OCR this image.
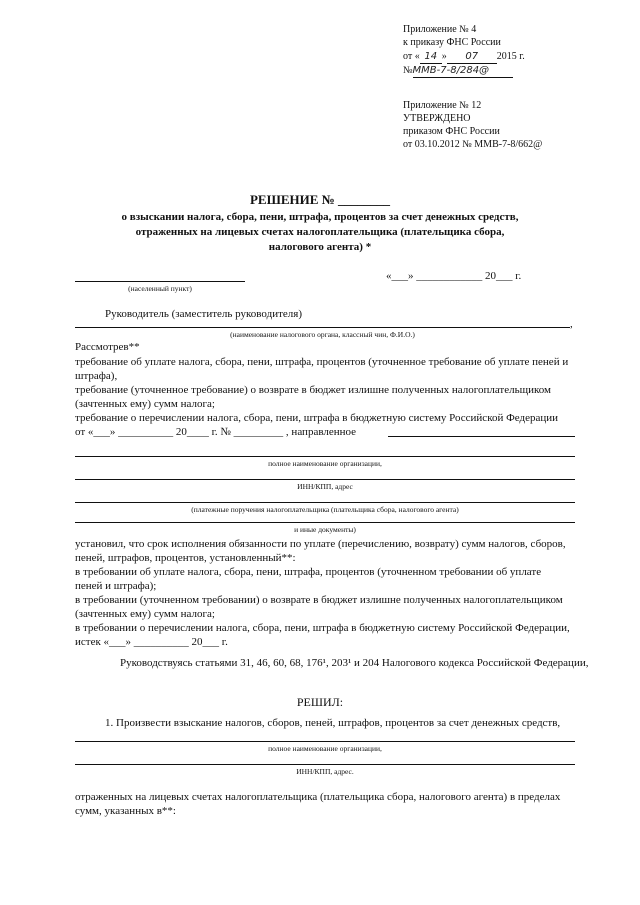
Приложение № 4
к приказу ФНС России
от « 14 » 07 2015 г.
№ММВ-7-8/284@
Приложение № 12
УТВЕРЖДЕНО
приказом ФНС России
от 03.10.2012 № ММВ-7-8/662@
РЕШЕНИЕ № ________
о взыскании налога, сбора, пени, штрафа, процентов за счет денежных средств,
отраженных на лицевых счетах налогоплательщика (плательщика сбора,
налогового агента) *
(населенный пункт)
«___» ____________ 20___ г.
Руководитель (заместитель руководителя)
,
(наименование налогового органа, классный чин, Ф.И.О.)
Рассмотрев**
требование об уплате налога, сбора, пени, штрафа, процентов (уточненное требование об уплате пеней и
штрафа),
требование (уточненное требование) о возврате в бюджет излишне полученных налогоплательщиком
(зачтенных ему) сумм налога;
требование о перечислении налога, сбора, пени, штрафа в бюджетную систему Российской Федерации
от «___» __________ 20____ г. № _________ , направленное
полное наименование организации,
ИНН/КПП, адрес
(платежные поручения налогоплательщика (плательщика сбора, налогового агента)
и иные документы)
установил, что срок исполнения обязанности по уплате (перечислению, возврату) сумм налогов, сборов,
пеней, штрафов, процентов, установленный**:
в требовании об уплате налога, сбора, пени, штрафа, процентов (уточненном требовании об уплате
пеней и штрафа);
в требовании (уточненном требовании) о возврате в бюджет излишне полученных налогоплательщиком
(зачтенных ему) сумм налога;
в требовании о перечислении налога, сбора, пени, штрафа в бюджетную систему Российской Федерации,
истек «___» __________ 20___ г.
Руководствуясь статьями 31, 46, 60, 68, 176¹, 203¹ и 204 Налогового кодекса Российской Федерации,
РЕШИЛ:
1. Произвести взыскание налогов, сборов, пеней, штрафов, процентов за счет денежных средств,
полное наименование организации,
ИНН/КПП, адрес.
отраженных на лицевых счетах налогоплательщика (плательщика сбора, налогового агента) в пределах
сумм, указанных в**:
